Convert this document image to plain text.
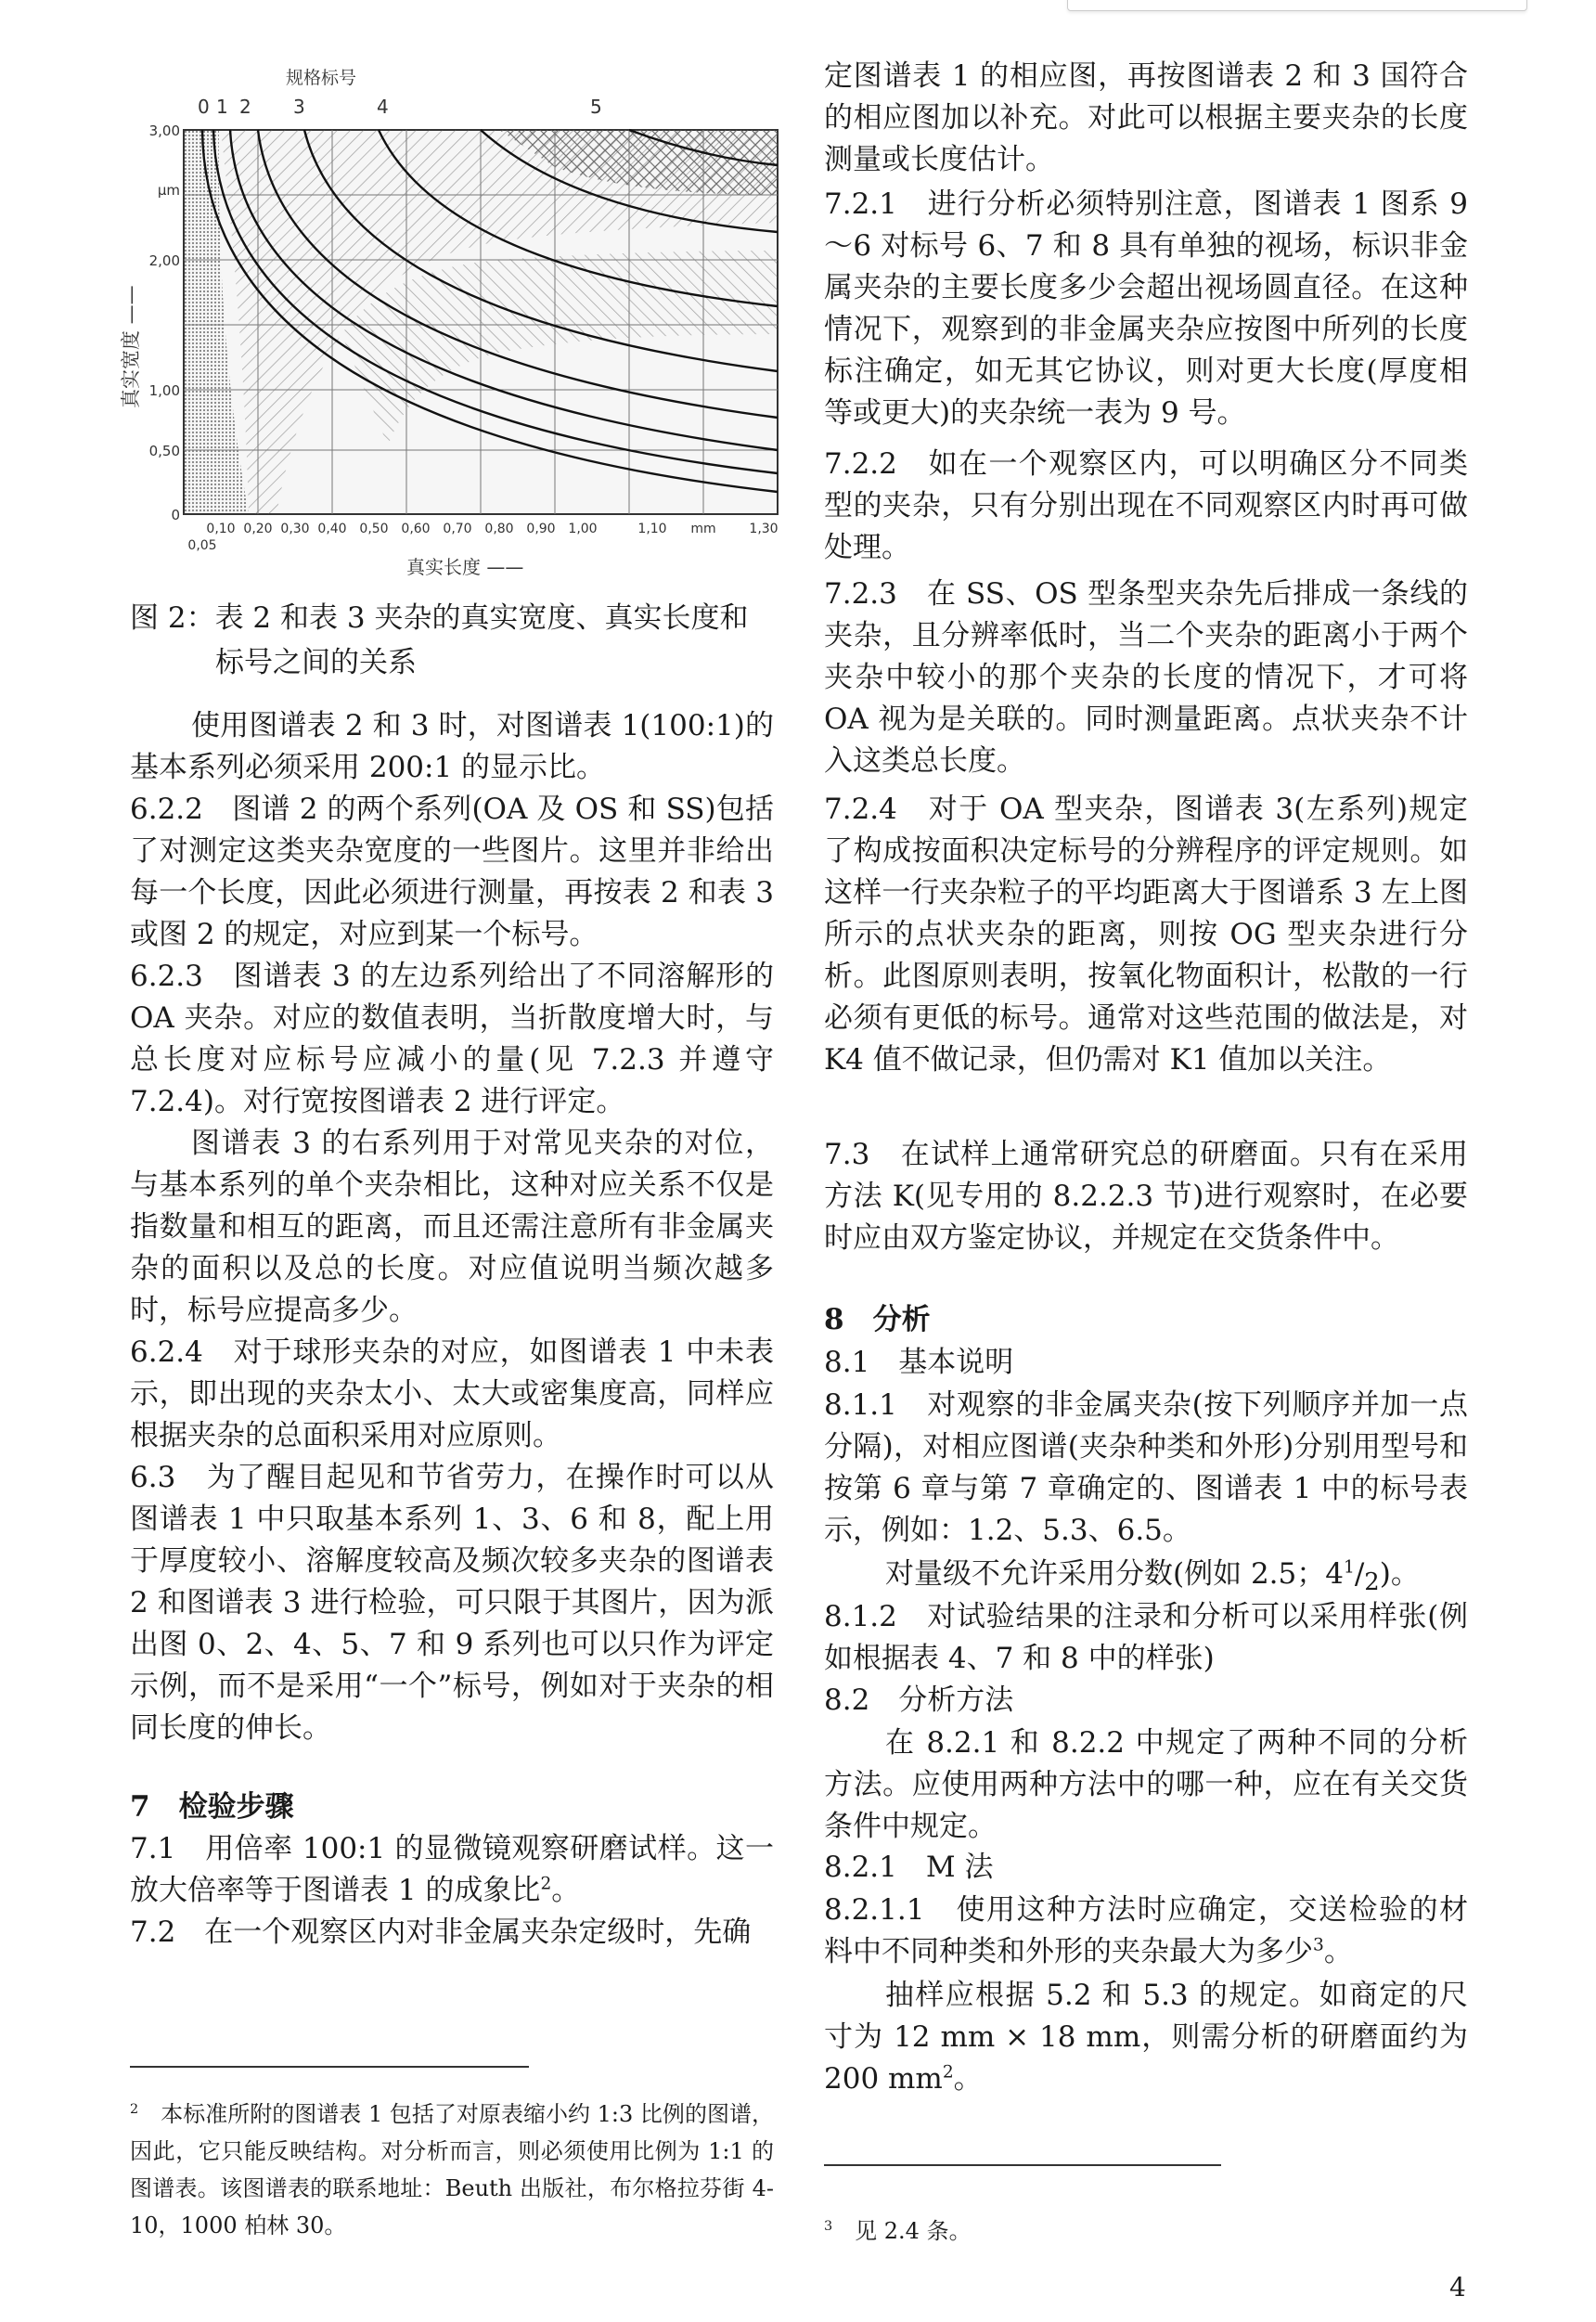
规格标号
0 1 2 3	4	5
3,00
μm
2,00
1,00
0,50
0
真实宽度 ——
0,10 0,20 0,30 0,40 0,50 0,60 0,70 0,80 0,90 1,00	1,10 mm	1,30
0,05
真实长度 ——
图 2：表 2 和表 3 夹杂的真实宽度、真实长度和
标号之间的关系

使用图谱表 2 和 3 时，对图谱表 1(100:1)的基本系列必须采用 200:1 的显示比。

6.2.2　图谱 2 的两个系列(OA 及 OS 和 SS)包括了对测定这类夹杂宽度的一些图片。这里并非给出每一个长度，因此必须进行测量，再按表 2 和表 3 或图 2 的规定，对应到某一个标号。

6.2.3　图谱表 3 的左边系列给出了不同溶解形的 OA 夹杂。对应的数值表明，当折散度增大时，与总长度对应标号应减小的量(见 7.2.3 并遵守 7.2.4)。对行宽按图谱表 2 进行评定。

图谱表 3 的右系列用于对常见夹杂的对位，与基本系列的单个夹杂相比，这种对应关系不仅是指数量和相互的距离，而且还需注意所有非金属夹杂的面积以及总的长度。对应值说明当频次越多时，标号应提高多少。

6.2.4　对于球形夹杂的对应，如图谱表 1 中未表示，即出现的夹杂太小、太大或密集度高，同样应根据夹杂的总面积采用对应原则。

6.3　为了醒目起见和节省劳力，在操作时可以从图谱表 1 中只取基本系列 1、3、6 和 8，配上用于厚度较小、溶解度较高及频次较多夹杂的图谱表 2 和图谱表 3 进行检验，可只限于其图片，因为派出图 0、2、4、5、7 和 9 系列也可以只作为评定示例，而不是采用“一个”标号，例如对于夹杂的相同长度的伸长。

7　检验步骤

7.1　用倍率 100:1 的显微镜观察研磨试样。这一放大倍率等于图谱表 1 的成象比$^2$。

7.2　在一个观察区内对非金属夹杂定级时，先确

$^2$　 本标准所附的图谱表 1 包括了对原表缩小约 1:3 比例的图谱，因此，它只能反映结构。对分析而言，则必须使用比例为 1:1 的图谱表。该图谱表的联系地址：Beuth 出版社，布尔格拉芬街 4-10，1000 柏林 30。

定图谱表 1 的相应图，再按图谱表 2 和 3 国符合的相应图加以补充。对此可以根据主要夹杂的长度测量或长度估计。

7.2.1　进行分析必须特别注意，图谱表 1 图系 9～6 对标号 6、7 和 8 具有单独的视场，标识非金属夹杂的主要长度多少会超出视场圆直径。在这种情况下，观察到的非金属夹杂应按图中所列的长度标注确定，如无其它协议，则对更大长度(厚度相等或更大)的夹杂统一表为 9 号。

7.2.2　如在一个观察区内，可以明确区分不同类型的夹杂，只有分别出现在不同观察区内时再可做处理。

7.2.3　在 SS、OS 型条型夹杂先后排成一条线的夹杂，且分辨率低时，当二个夹杂的距离小于两个夹杂中较小的那个夹杂的长度的情况下，才可将 OA 视为是关联的。同时测量距离。点状夹杂不计入这类总长度。

7.2.4　对于 OA 型夹杂，图谱表 3(左系列)规定了构成按面积决定标号的分辨程序的评定规则。如这样一行夹杂粒子的平均距离大于图谱系 3 左上图所示的点状夹杂的距离，则按 OG 型夹杂进行分析。此图原则表明，按氧化物面积计，松散的一行必须有更低的标号。通常对这些范围的做法是，对 K4 值不做记录，但仍需对 K1 值加以关注。

7.3　在试样上通常研究总的研磨面。只有在采用方法 K(见专用的 8.2.2.3 节)进行观察时，在必要时应由双方鉴定协议，并规定在交货条件中。

8　分析

8.1　基本说明

8.1.1　对观察的非金属夹杂(按下列顺序并加一点分隔)，对相应图谱(夹杂种类和外形)分别用型号和按第 6 章与第 7 章确定的、图谱表 1 中的标号表示，例如：1.2、5.3、6.5。

对量级不允许采用分数(例如 2.5；$4^1/_2$)。

8.1.2　对试验结果的注录和分析可以采用样张(例如根据表 4、7 和 8 中的样张)

8.2　分析方法

在 8.2.1 和 8.2.2 中规定了两种不同的分析方法。应使用两种方法中的哪一种，应在有关交货条件中规定。

8.2.1　M 法

8.2.1.1　使用这种方法时应确定，交送检验的材料中不同种类和外形的夹杂最大为多少$^3$。

抽样应根据 5.2 和 5.3 的规定。如商定的尺寸为 12 mm × 18 mm，则需分析的研磨面约为 200 $mm^2$。

$^3$　 见 2.4 条。

4
